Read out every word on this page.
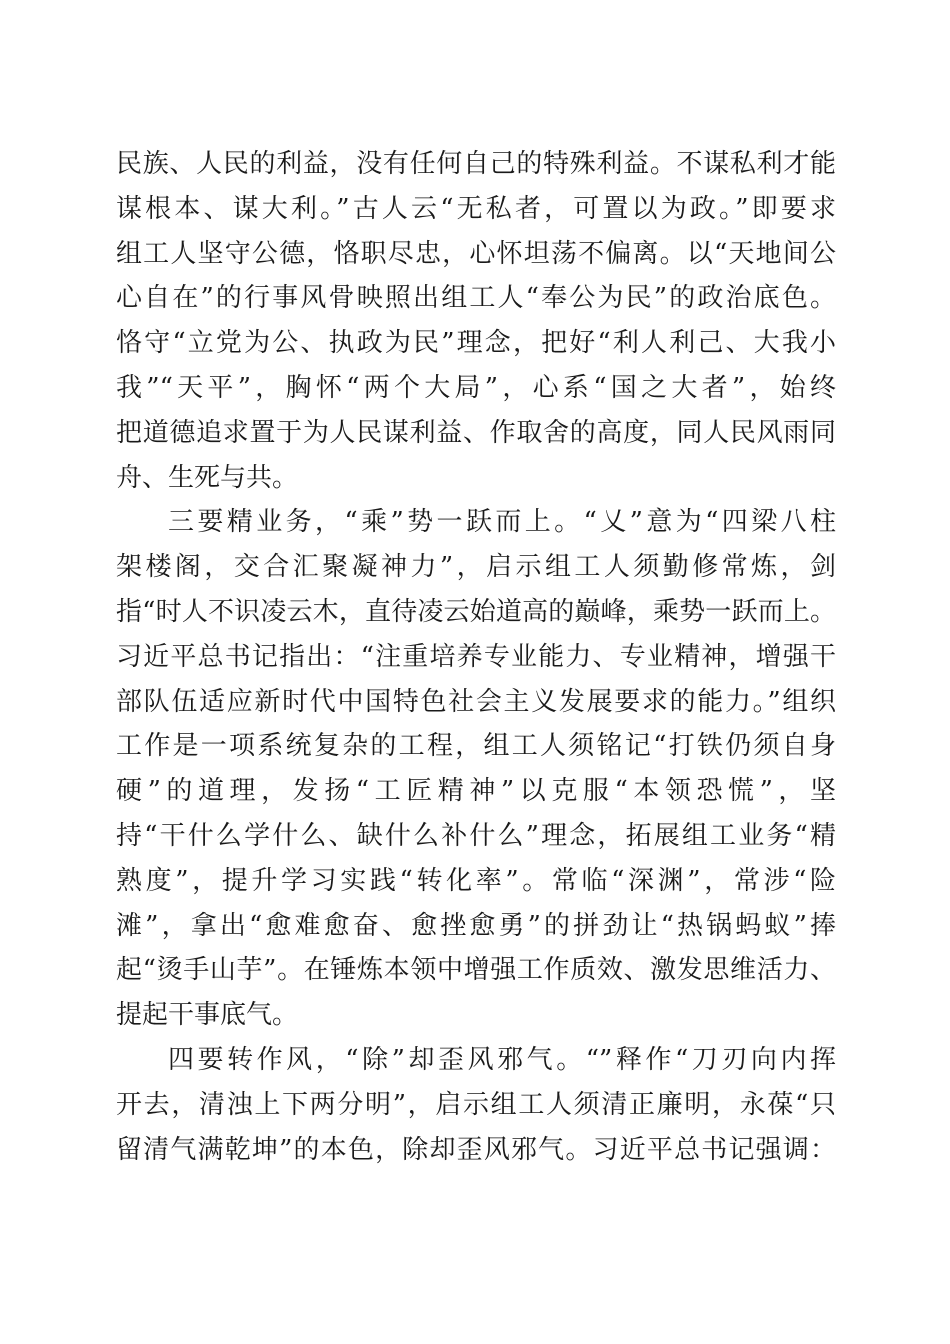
民族、人民的利益，没有任何自己的特殊利益。不谋私利才能
谋根本、谋大利。”古人云“无私者，可置以为政。”即要求
组工人坚守公德，恪职尽忠，心怀坦荡不偏离。以“天地间公
心自在”的行事风骨映照出组工人“奉公为民”的政治底色。
恪守“立党为公、执政为民”理念，把好“利人利己、大我小
我”“天平”，胸怀“两个大局”，心系“国之大者”，始终
把道德追求置于为人民谋利益、作取舍的高度，同人民风雨同
舟、生死与共。
三要精业务，“乘”势一跃而上。“乂”意为“四梁八柱
架楼阁，交合汇聚凝神力”，启示组工人须勤修常炼，剑
指“时人不识凌云木，直待凌云始道高的巅峰，乘势一跃而上。
习近平总书记指出：“注重培养专业能力、专业精神，增强干
部队伍适应新时代中国特色社会主义发展要求的能力。”组织
工作是一项系统复杂的工程，组工人须铭记“打铁仍须自身
硬”的道理，发扬“工匠精神”以克服“本领恐慌”，坚
持“干什么学什么、缺什么补什么”理念，拓展组工业务“精
熟度”，提升学习实践“转化率”。常临“深渊”，常涉“险
滩”，拿出“愈难愈奋、愈挫愈勇”的拼劲让“热锅蚂蚁”捧
起“烫手山芋”。在锤炼本领中增强工作质效、激发思维活力、
提起干事底气。
四要转作风，“除”却歪风邪气。“”释作“刀刃向内挥
开去，清浊上下两分明”，启示组工人须清正廉明，永葆“只
留清气满乾坤”的本色，除却歪风邪气。习近平总书记强调：
